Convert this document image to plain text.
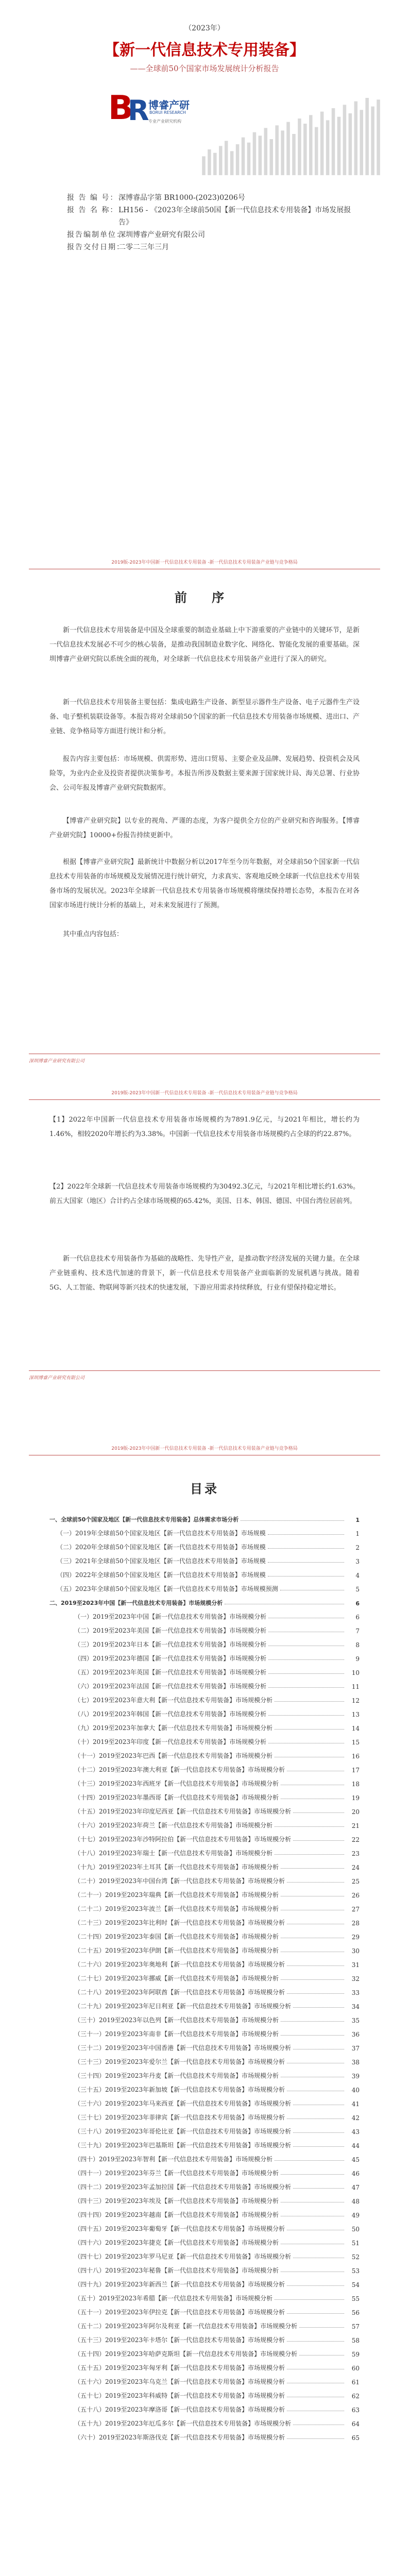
（2023年）
【新一代信息技术专用装备】
——全球前50个国家市场发展统计分析报告
B
R
博睿产研
BORUI RESEARCH
专业产业研究机构
报 告 编 号： 深博睿品字第 BR1000-(2023)0206号
报 告 名 称： LH156 - 《2023年全球前50国【新一代信息技术专用装备】市场发展报告》
报告编制单位：
深圳博睿产业研究有限公司
报告交付日期：
二零二三年三月
2019版-2023年中国新一代信息技术专用装备 -新一代信息技术专用装备产业链与竞争格局
前 序
新一代信息技术专用装备是中国及全球重要的制造业基础上中下游重要的产业链中的关键环节，是新一代信息技术发展必不可少的核心装备，是推动我国制造业数字化、网络化、智能化发展的重要基础。深圳博睿产业研究院以系统全面的视角，对全球新一代信息技术专用装备产业进行了深入的研究。
新一代信息技术专用装备主要包括：集成电路生产设备、新型显示器件生产设备、电子元器件生产设备、电子整机装联设备等。本报告将对全球前50个国家的新一代信息技术专用装备市场规模、进出口、产业链、竞争格局等方面进行统计和分析。
报告内容主要包括：市场规模、供需形势、进出口贸易、主要企业及品牌、发展趋势、投资机会及风险等，为业内企业及投资者提供决策参考。本报告所涉及数据主要来源于国家统计局、海关总署、行业协会、公司年报及博睿产业研究院数据库。
【博睿产业研究院】以专业的视角、严谨的态度，为客户提供全方位的产业研究和咨询服务。【博睿产业研究院】10000+份报告持续更新中。
根据【博睿产业研究院】最新统计中数据分析以2017年至今历年数据，对全球前50个国家新一代信息技术专用装备的市场规模及发展情况进行统计研究，力求真实、客观地反映全球新一代信息技术专用装备市场的发展状况。2023年全球新一代信息技术专用装备市场规模将继续保持增长态势，本报告在对各国家市场进行统计分析的基础上，对未来发展进行了预测。
其中重点内容包括：
深圳博睿产业研究有限公司
2019版-2023年中国新一代信息技术专用装备 -新一代信息技术专用装备产业链与竞争格局
【1】2022年中国新一代信息技术专用装备市场规模约为7891.9亿元，与2021年相比，增长约为1.46%，相较2020年增长约为3.38%。中国新一代信息技术专用装备市场规模约占全球的约22.87%。
【2】2022年全球新一代信息技术专用装备市场规模约为30492.3亿元，与2021年相比增长约1.63%。前五大国家（地区）合计约占全球市场规模的65.42%，美国、日本、韩国、德国、中国台湾位居前列。
新一代信息技术专用装备作为基础的战略性、先导性产业，是推动数字经济发展的关键力量。在全球产业链重构、技术迭代加速的背景下，新一代信息技术专用装备产业面临新的发展机遇与挑战。随着5G、人工智能、物联网等新兴技术的快速发展，下游应用需求持续释放，行业有望保持稳定增长。
深圳博睿产业研究有限公司
2019版-2023年中国新一代信息技术专用装备 -新一代信息技术专用装备产业链与竞争格局
目录
一、全球前50个国家及地区【新一代信息技术专用装备】总体需求市场分析	1
（一）2019年全球前50个国家及地区【新一代信息技术专用装备】市场规模	1
（二）2020年全球前50个国家及地区【新一代信息技术专用装备】市场规模	2
（三）2021年全球前50个国家及地区【新一代信息技术专用装备】市场规模	3
（四）2022年全球前50个国家及地区【新一代信息技术专用装备】市场规模	4
（五）2023年全球前50个国家及地区【新一代信息技术专用装备】市场规模预测	5
二、2019至2023年中国【新一代信息技术专用装备】市场规模分析	6
（一）2019至2023年中国【新一代信息技术专用装备】市场规模分析	6
（二）2019至2023年美国【新一代信息技术专用装备】市场规模分析	7
（三）2019至2023年日本【新一代信息技术专用装备】市场规模分析	8
（四）2019至2023年德国【新一代信息技术专用装备】市场规模分析	9
（五）2019至2023年英国【新一代信息技术专用装备】市场规模分析	10
（六）2019至2023年法国【新一代信息技术专用装备】市场规模分析	11
（七）2019至2023年意大利【新一代信息技术专用装备】市场规模分析	12
（八）2019至2023年韩国【新一代信息技术专用装备】市场规模分析	13
（九）2019至2023年加拿大【新一代信息技术专用装备】市场规模分析	14
（十）2019至2023年印度【新一代信息技术专用装备】市场规模分析	15
（十一）2019至2023年巴西【新一代信息技术专用装备】市场规模分析	16
（十二）2019至2023年澳大利亚【新一代信息技术专用装备】市场规模分析	17
（十三）2019至2023年西班牙【新一代信息技术专用装备】市场规模分析	18
（十四）2019至2023年墨西哥【新一代信息技术专用装备】市场规模分析	19
（十五）2019至2023年印度尼西亚【新一代信息技术专用装备】市场规模分析	20
（十六）2019至2023年荷兰【新一代信息技术专用装备】市场规模分析	21
（十七）2019至2023年沙特阿拉伯【新一代信息技术专用装备】市场规模分析	22
（十八）2019至2023年瑞士【新一代信息技术专用装备】市场规模分析	23
（十九）2019至2023年土耳其【新一代信息技术专用装备】市场规模分析	24
（二十）2019至2023年中国台湾【新一代信息技术专用装备】市场规模分析	25
（二十一）2019至2023年瑞典【新一代信息技术专用装备】市场规模分析	26
（二十二）2019至2023年波兰【新一代信息技术专用装备】市场规模分析	27
（二十三）2019至2023年比利时【新一代信息技术专用装备】市场规模分析	28
（二十四）2019至2023年泰国【新一代信息技术专用装备】市场规模分析	29
（二十五）2019至2023年伊朗【新一代信息技术专用装备】市场规模分析	30
（二十六）2019至2023年奥地利【新一代信息技术专用装备】市场规模分析	31
（二十七）2019至2023年挪威【新一代信息技术专用装备】市场规模分析	32
（二十八）2019至2023年阿联酋【新一代信息技术专用装备】市场规模分析	33
（二十九）2019至2023年尼日利亚【新一代信息技术专用装备】市场规模分析	34
（三十）2019至2023年以色列【新一代信息技术专用装备】市场规模分析	35
（三十一）2019至2023年南非【新一代信息技术专用装备】市场规模分析	36
（三十二）2019至2023年中国香港【新一代信息技术专用装备】市场规模分析	37
（三十三）2019至2023年爱尔兰【新一代信息技术专用装备】市场规模分析	38
（三十四）2019至2023年丹麦【新一代信息技术专用装备】市场规模分析	39
（三十五）2019至2023年新加坡【新一代信息技术专用装备】市场规模分析	40
（三十六）2019至2023年马来西亚【新一代信息技术专用装备】市场规模分析	41
（三十七）2019至2023年菲律宾【新一代信息技术专用装备】市场规模分析	42
（三十八）2019至2023年哥伦比亚【新一代信息技术专用装备】市场规模分析	43
（三十九）2019至2023年巴基斯坦【新一代信息技术专用装备】市场规模分析	44
（四十）2019至2023年智利【新一代信息技术专用装备】市场规模分析	45
（四十一）2019至2023年芬兰【新一代信息技术专用装备】市场规模分析	46
（四十二）2019至2023年孟加拉国【新一代信息技术专用装备】市场规模分析	47
（四十三）2019至2023年埃及【新一代信息技术专用装备】市场规模分析	48
（四十四）2019至2023年越南【新一代信息技术专用装备】市场规模分析	49
（四十五）2019至2023年葡萄牙【新一代信息技术专用装备】市场规模分析	50
（四十六）2019至2023年捷克【新一代信息技术专用装备】市场规模分析	51
（四十七）2019至2023年罗马尼亚【新一代信息技术专用装备】市场规模分析	52
（四十八）2019至2023年秘鲁【新一代信息技术专用装备】市场规模分析	53
（四十九）2019至2023年新西兰【新一代信息技术专用装备】市场规模分析	54
（五十）2019至2023年希腊【新一代信息技术专用装备】市场规模分析	55
（五十一）2019至2023年伊拉克【新一代信息技术专用装备】市场规模分析	56
（五十二）2019至2023年阿尔及利亚【新一代信息技术专用装备】市场规模分析	57
（五十三）2019至2023年卡塔尔【新一代信息技术专用装备】市场规模分析	58
（五十四）2019至2023年哈萨克斯坦【新一代信息技术专用装备】市场规模分析	59
（五十五）2019至2023年匈牙利【新一代信息技术专用装备】市场规模分析	60
（五十六）2019至2023年乌克兰【新一代信息技术专用装备】市场规模分析	61
（五十七）2019至2023年科威特【新一代信息技术专用装备】市场规模分析	62
（五十八）2019至2023年摩洛哥【新一代信息技术专用装备】市场规模分析	63
（五十九）2019至2023年厄瓜多尔【新一代信息技术专用装备】市场规模分析	64
（六十）2019至2023年斯洛伐克【新一代信息技术专用装备】市场规模分析	65
